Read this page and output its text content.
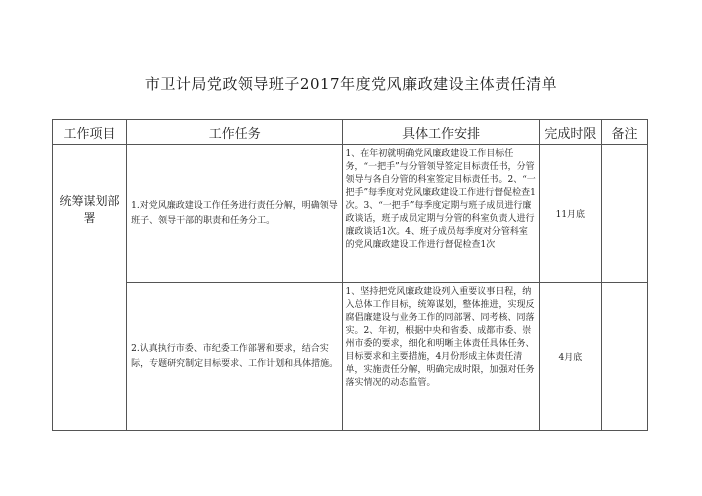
市卫计局党政领导班子2017年度党风廉政建设主体责任清单
工作项目	工作任务	具体工作安排	完成时限	备注

统筹谋划部署	1.对党风廉政建设工作任务进行责任分解，明确领导班子、领导干部的职责和任务分工。	1、在年初就明确党风廉政建设工作目标任务，“一把手”与分管领导签定目标责任书，分管领导与各自分管的科室签定目标责任书。2、“一把手”每季度对党风廉政建设工作进行督促检查1次。3、“一把手”每季度定期与班子成员进行廉政谈话，班子成员定期与分管的科室负责人进行廉政谈话1次。4、班子成员每季度对分管科室的党风廉政建设工作进行督促检查1次	11月底	
	2.认真执行市委、市纪委工作部署和要求，结合实际，专题研究制定目标要求、工作计划和具体措施。	1、坚持把党风廉政建设列入重要议事日程，纳入总体工作目标，统筹谋划，整体推进，实现反腐倡廉建设与业务工作的同部署、同考核、同落实。2、年初，根据中央和省委、成都市委、崇州市委的要求，细化和明晰主体责任具体任务、目标要求和主要措施，4月份形成主体责任清单，实施责任分解，明确完成时限，加强对任务落实情况的动态监管。	4月底	
